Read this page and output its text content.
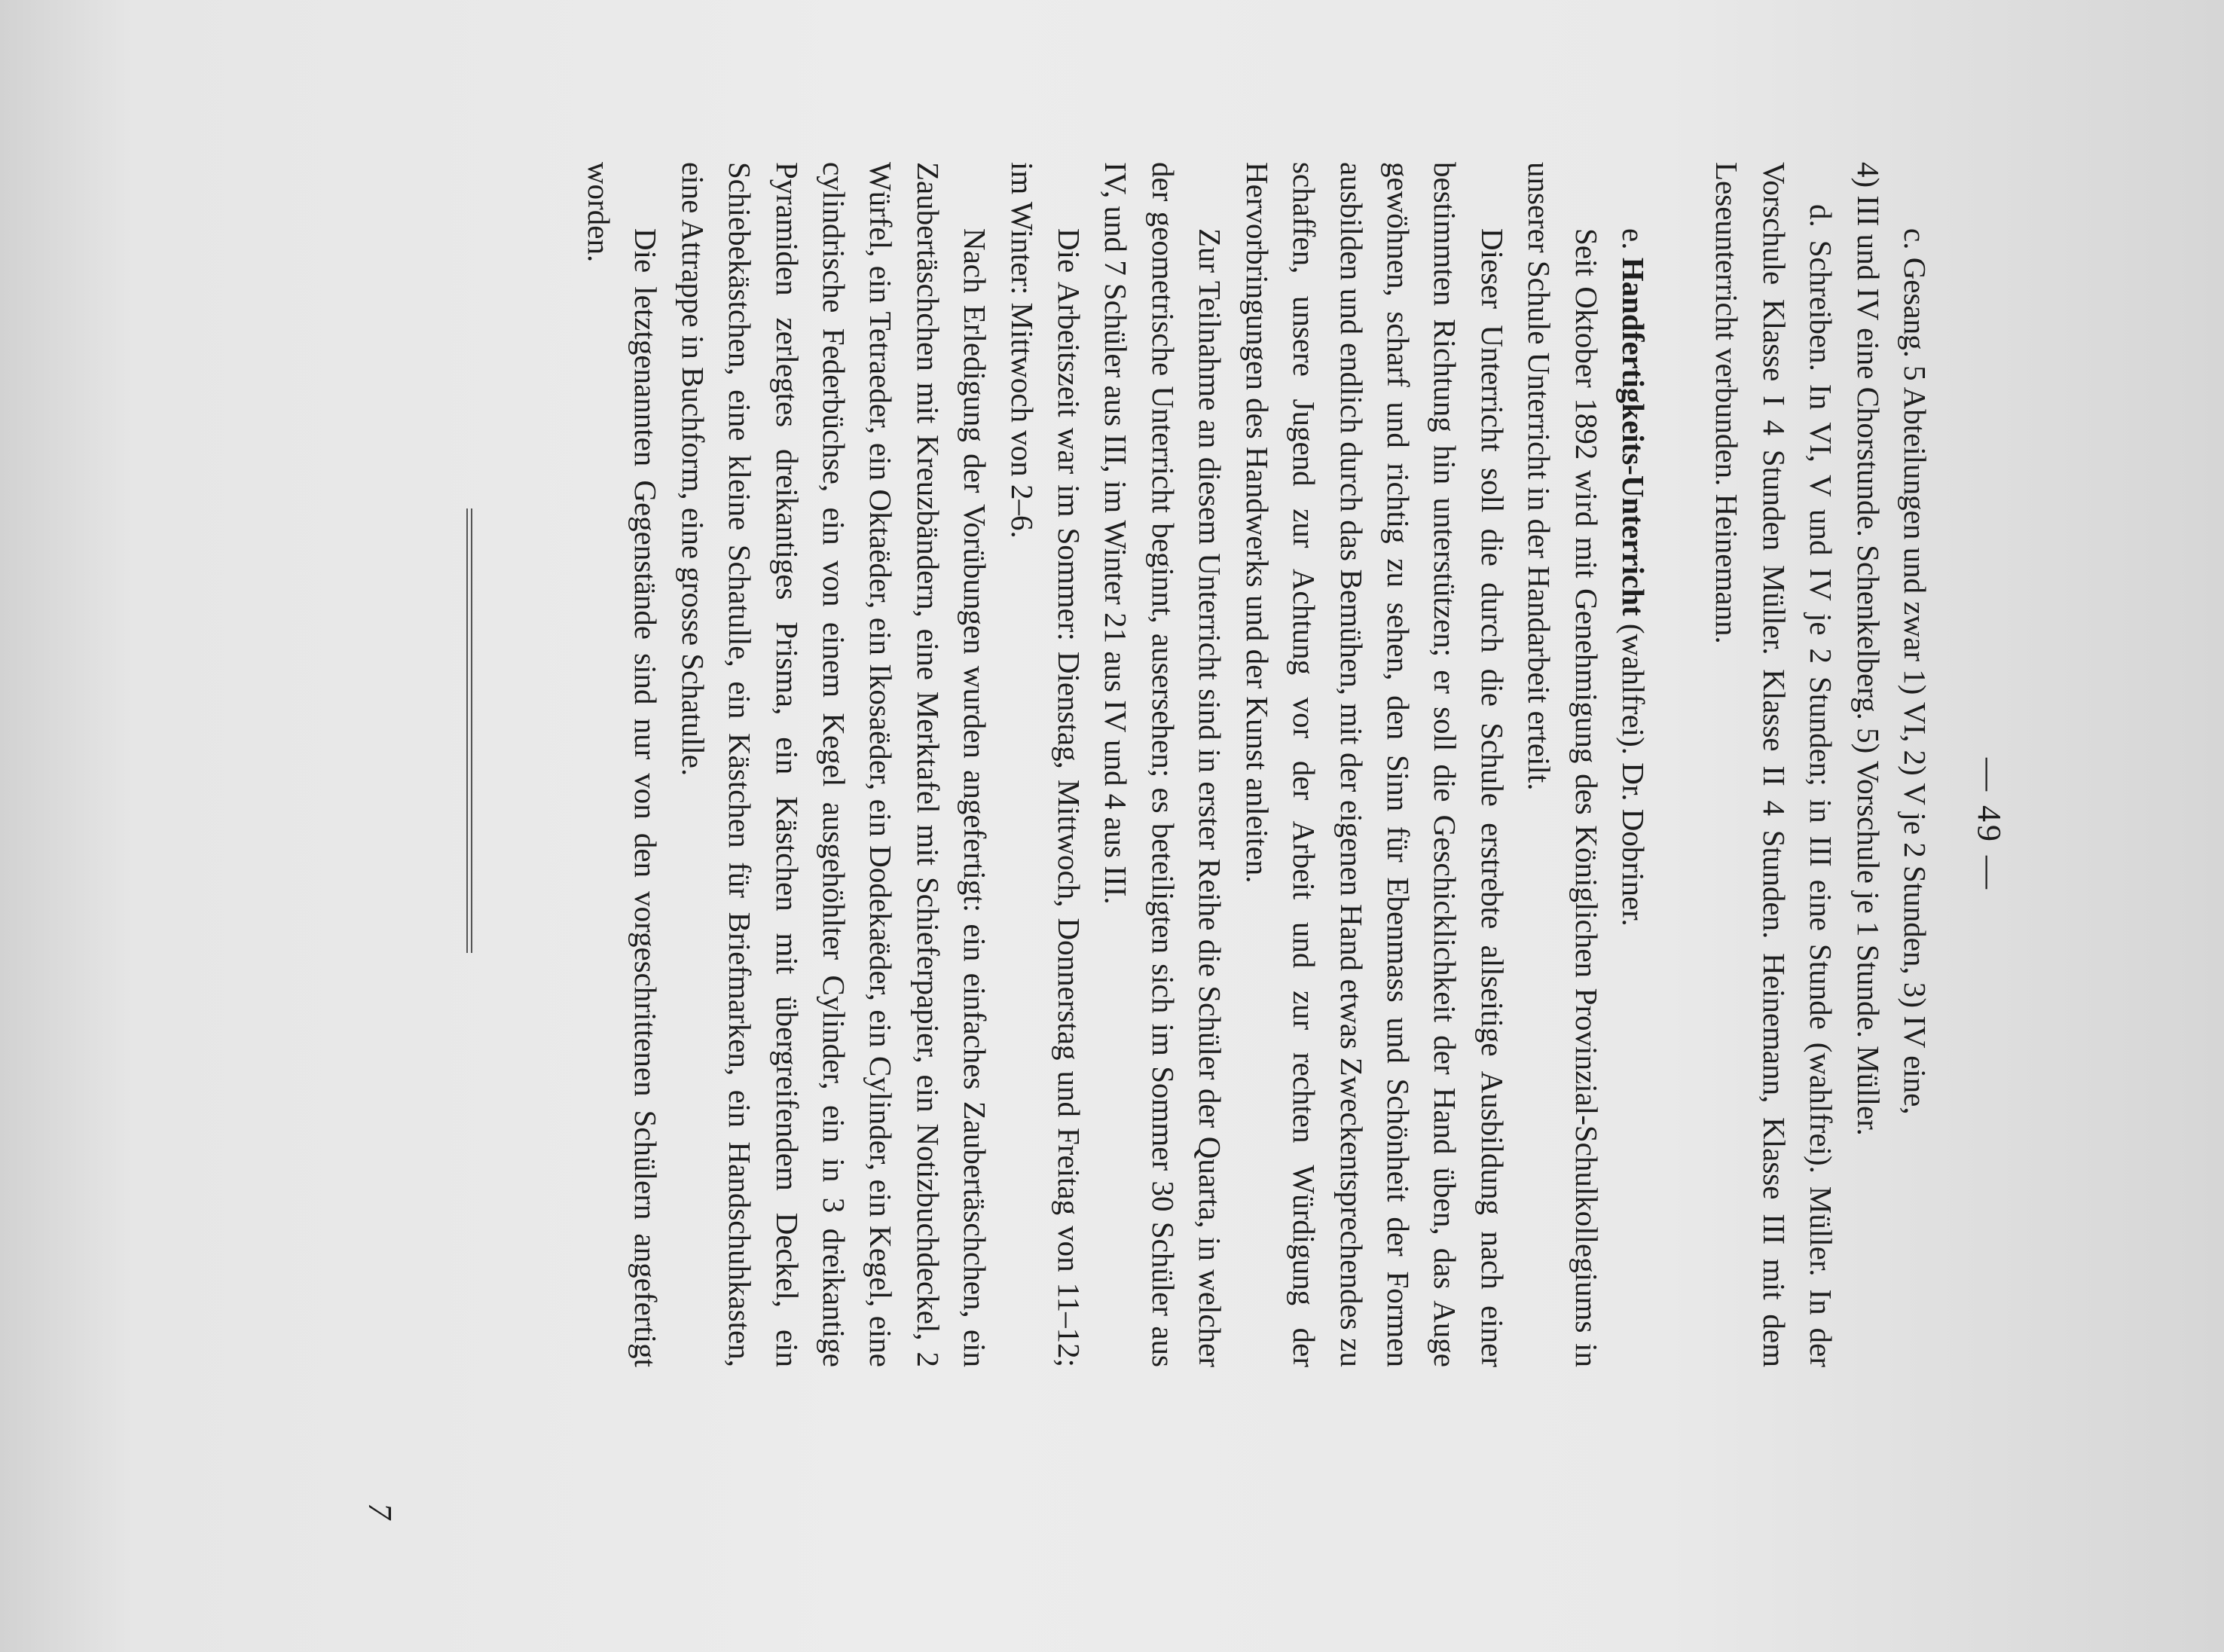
— 49 —

c. Gesang. 5 Abteilungen und zwar 1) VI, 2) V je 2 Stunden, 3) IV eine,

4) III und IV eine Chorstunde. Schenkelberg. 5) Vorschule je 1 Stunde. Müller.

d. Schreiben. In VI, V und IV je 2 Stunden; in III eine Stunde (wahlfrei). Müller. In der Vorschule Klasse I 4 Stunden Müller. Klasse II 4 Stunden. Heinemann, Klasse III mit dem Leseunterricht verbunden. Heinemann.

e. Handfertigkeits-Unterricht (wahlfrei). Dr. Dobriner.

Seit Oktober 1892 wird mit Genehmigung des Königlichen Provinzial-Schulkollegiums in unserer Schule Unterricht in der Handarbeit erteilt.

Dieser Unterricht soll die durch die Schule erstrebte allseitige Ausbildung nach einer bestimmten Richtung hin unterstützen; er soll die Geschicklichkeit der Hand üben, das Auge gewöhnen, scharf und richtig zu sehen, den Sinn für Ebenmass und Schönheit der Formen ausbilden und endlich durch das Bemühen, mit der eigenen Hand etwas Zweckentsprechendes zu schaffen, unsere Jugend zur Achtung vor der Arbeit und zur rechten Würdigung der Hervorbringungen des Handwerks und der Kunst anleiten.

Zur Teilnahme an diesem Unterricht sind in erster Reihe die Schüler der Quarta, in welcher der geometrische Unterricht beginnt, ausersehen; es beteiligten sich im Sommer 30 Schüler aus IV, und 7 Schüler aus III, im Winter 21 aus IV und 4 aus III.

Die Arbeitszeit war im Sommer: Dienstag, Mittwoch, Donnerstag und Freitag von 11–12; im Winter: Mittwoch von 2–6.

Nach Erledigung der Vorübungen wurden angefertigt: ein einfaches Zaubertäschchen, ein Zaubertäschchen mit Kreuzbändern, eine Merktafel mit Schieferpapier, ein Notizbuchdeckel, 2 Würfel, ein Tetraeder, ein Oktaëder, ein Ikosaëder, ein Dodekaëder, ein Cylinder, ein Kegel, eine cylindrische Federbüchse, ein von einem Kegel ausgehöhlter Cylinder, ein in 3 dreikantige Pyramiden zerlegtes dreikantiges Prisma, ein Kästchen mit übergreifendem Deckel, ein Schiebekästchen, eine kleine Schatulle, ein Kästchen für Briefmarken, ein Handschuhkasten, eine Attrappe in Buchform, eine grosse Schatulle.

Die letztgenannten Gegenstände sind nur von den vorgeschrittenen Schülern angefertigt worden.

7
